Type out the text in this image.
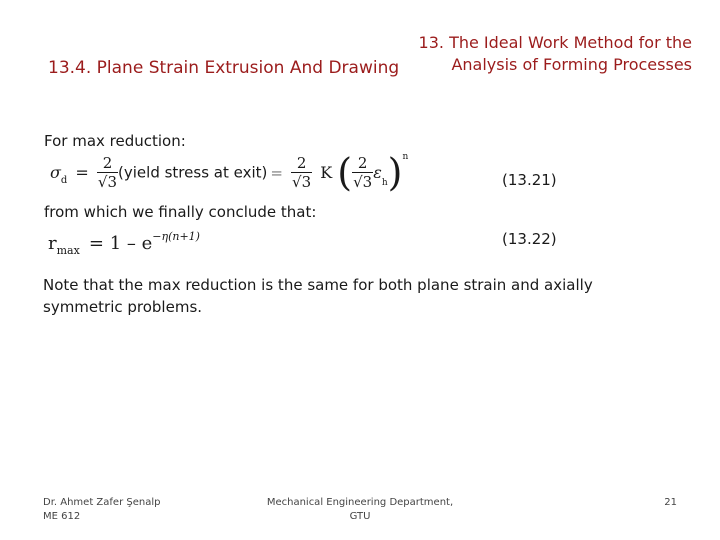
13.4. Plane Strain Extrusion And Drawing
13. The Ideal Work Method for the
Analysis of Forming Processes
For max reduction:
$\sigma_d = \frac{2}{√3}$ (yield stress at exit) = $\frac{2}{√3}$ K ( $\frac{2}{√3} \varepsilon_h)^n$
(13.21)
from which we finally conclude that:
$r_{max} = 1 - e^{-\eta(n+1)}$	(13.22)
Note that the max reduction is the same for both plane strain and axially symmetric problems.
Dr. Ahmet Zafer Şenalp
ME 612
Mechanical Engineering Department,
GTU
21
